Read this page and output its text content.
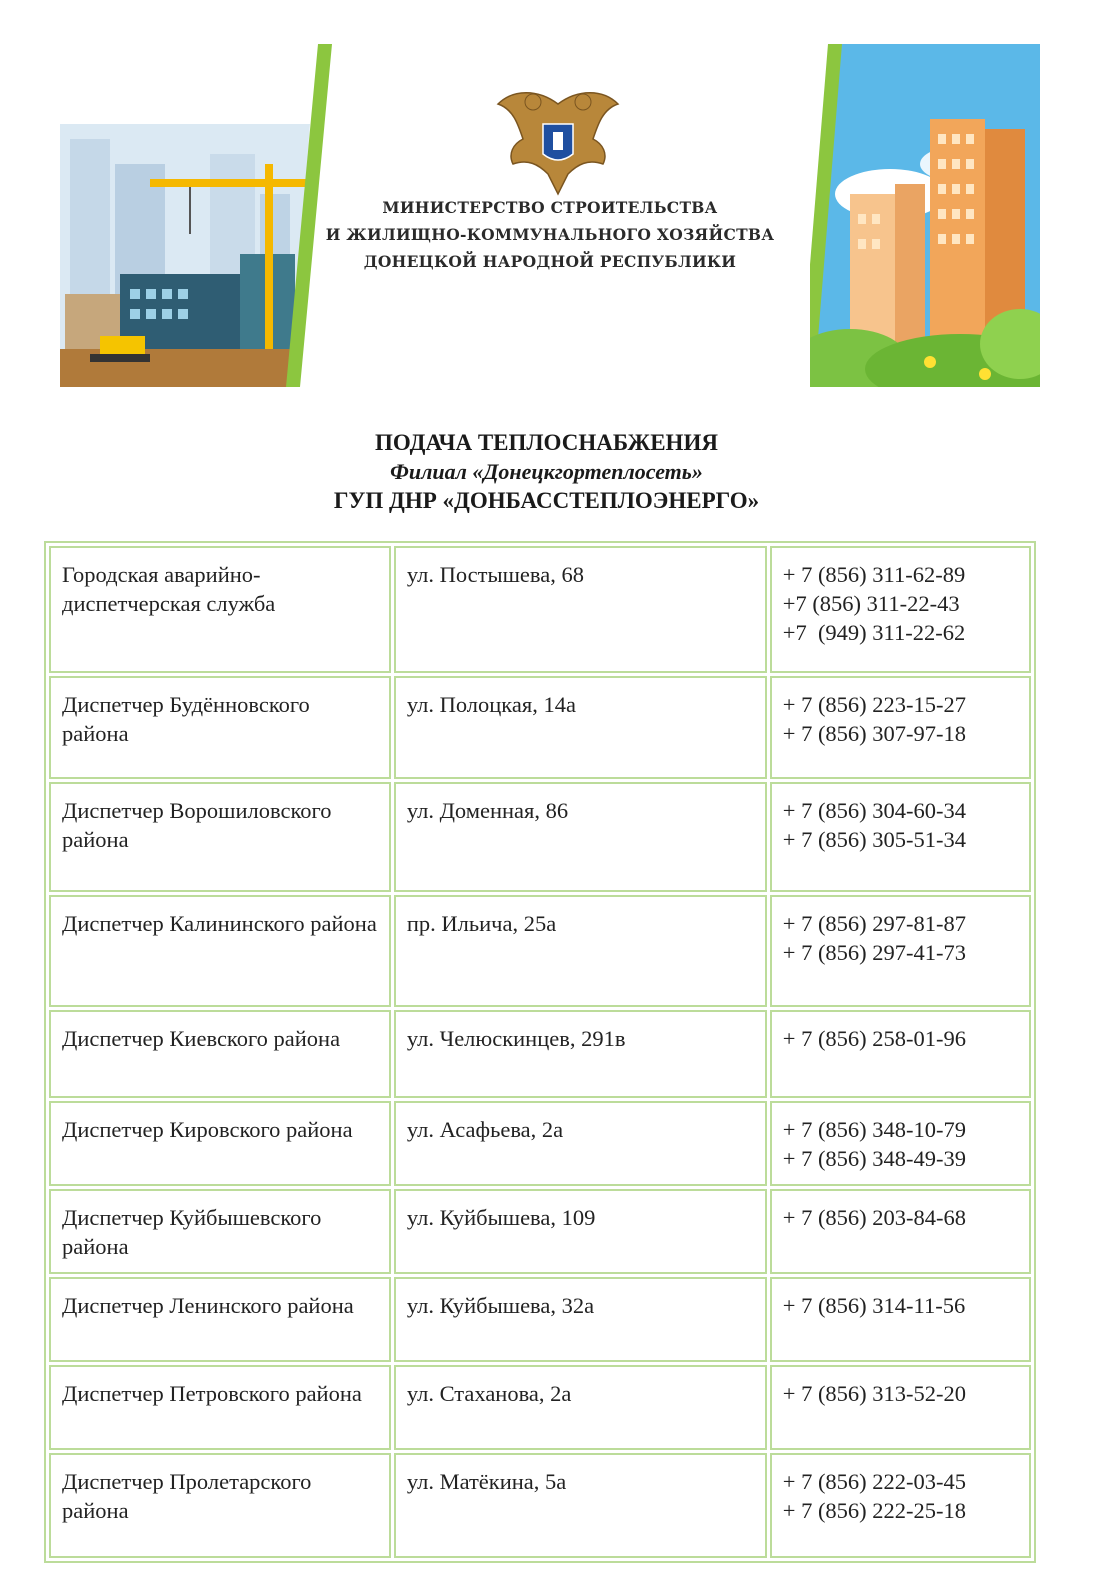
МИНИСТЕРСТВО СТРОИТЕЛЬСТВА
И ЖИЛИЩНО-КОММУНАЛЬНОГО ХОЗЯЙСТВА
ДОНЕЦКОЙ НАРОДНОЙ РЕСПУБЛИКИ
ПОДАЧА ТЕПЛОСНАБЖЕНИЯ
Филиал «Донецкгортеплосеть»
ГУП ДНР «ДОНБАССТЕПЛОЭНЕРГО»
Городская аварийно-диспетчерская служба	ул. Постышева, 68	+ 7 (856) 311-62-89
+7 (856) 311-22-43
+7  (949) 311-22-62

Диспетчер Будённовского района	ул. Полоцкая, 14а	+ 7 (856) 223-15-27
+ 7 (856) 307-97-18

Диспетчер Ворошиловского района	ул. Доменная, 86	+ 7 (856) 304-60-34
+ 7 (856) 305-51-34

Диспетчер Калининского района	пр. Ильича, 25а	+ 7 (856) 297-81-87
+ 7 (856) 297-41-73

Диспетчер Киевского района	ул. Челюскинцев, 291в	+ 7 (856) 258-01-96

Диспетчер Кировского района	ул. Асафьева, 2а	+ 7 (856) 348-10-79
+ 7 (856) 348-49-39

Диспетчер Куйбышевского района	ул. Куйбышева, 109	+ 7 (856) 203-84-68

Диспетчер Ленинского района	ул. Куйбышева, 32а	+ 7 (856) 314-11-56

Диспетчер Петровского района	ул. Стаханова, 2а	+ 7 (856) 313-52-20

Диспетчер Пролетарского района	ул. Матёкина, 5а	+ 7 (856) 222-03-45
+ 7 (856) 222-25-18
